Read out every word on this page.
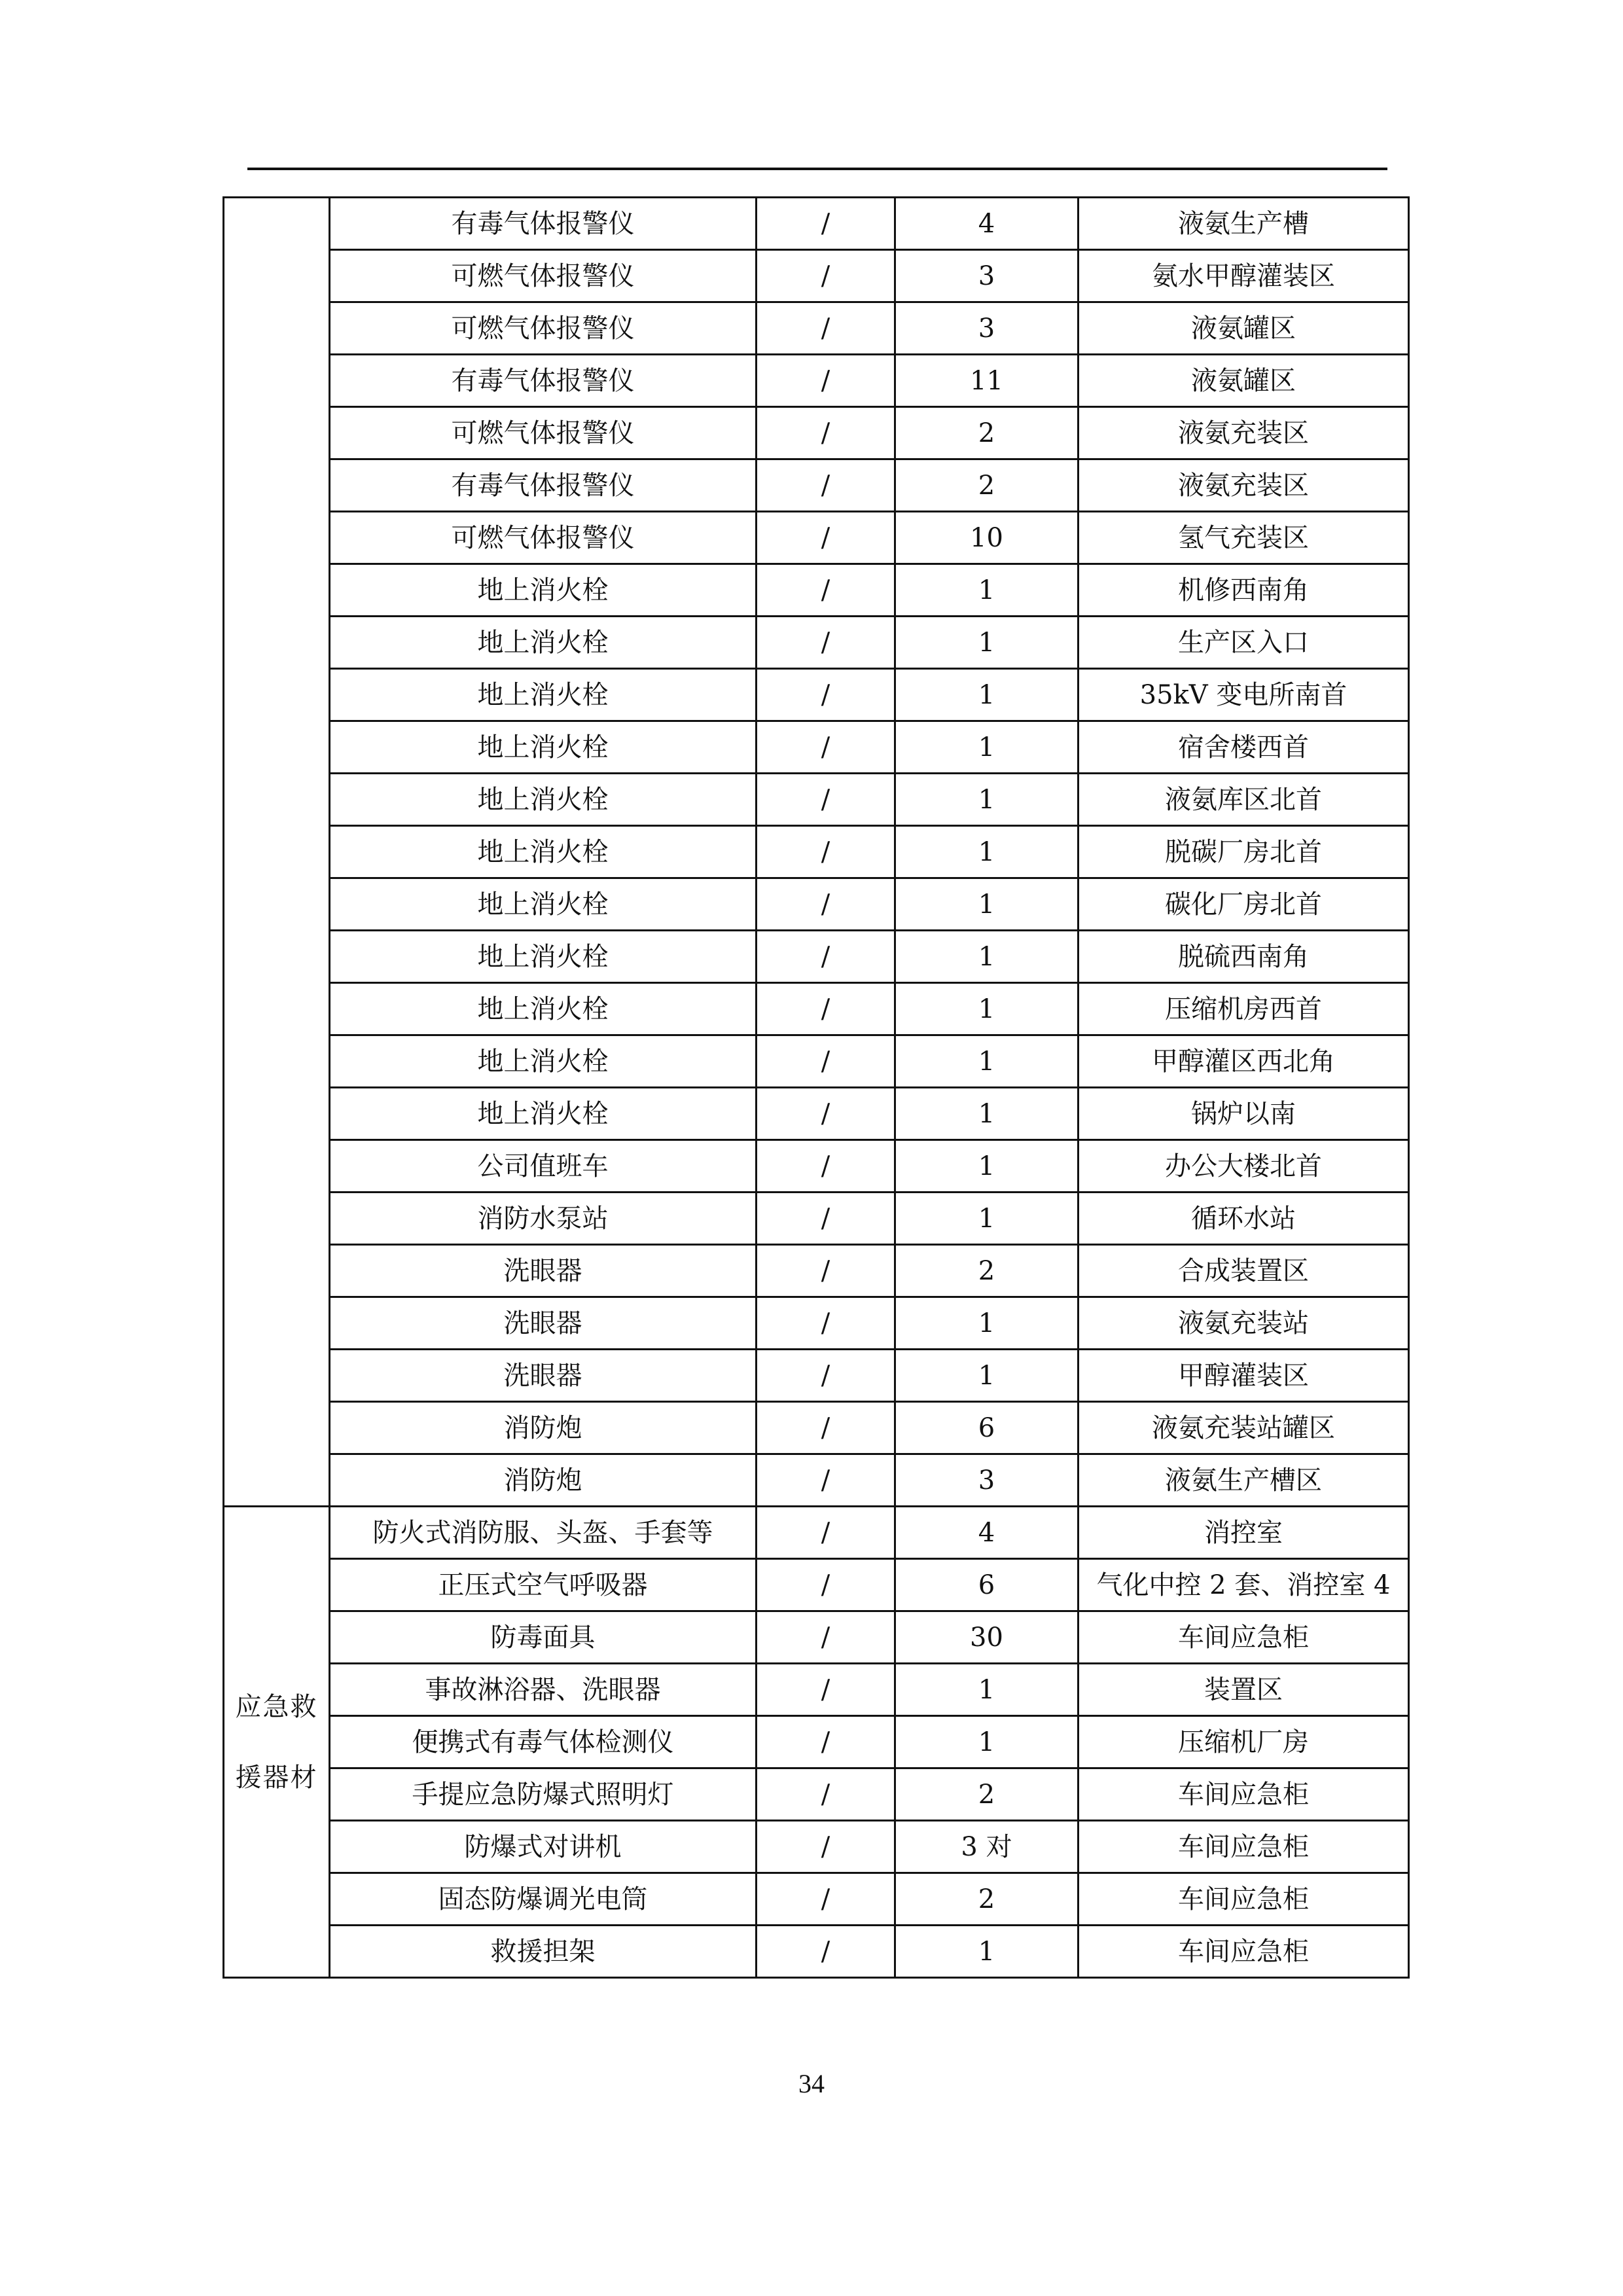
	有毒气体报警仪	/	4	液氨生产槽
	可燃气体报警仪	/	3	氨水甲醇灌装区
	可燃气体报警仪	/	3	液氨罐区
	有毒气体报警仪	/	11	液氨罐区
	可燃气体报警仪	/	2	液氨充装区
	有毒气体报警仪	/	2	液氨充装区
	可燃气体报警仪	/	10	氢气充装区
	地上消火栓	/	1	机修西南角
	地上消火栓	/	1	生产区入口
	地上消火栓	/	1	35kV 变电所南首
	地上消火栓	/	1	宿舍楼西首
	地上消火栓	/	1	液氨库区北首
	地上消火栓	/	1	脱碳厂房北首
	地上消火栓	/	1	碳化厂房北首
	地上消火栓	/	1	脱硫西南角
	地上消火栓	/	1	压缩机房西首
	地上消火栓	/	1	甲醇灌区西北角
	地上消火栓	/	1	锅炉以南
	公司值班车	/	1	办公大楼北首
	消防水泵站	/	1	循环水站
	洗眼器	/	2	合成装置区
	洗眼器	/	1	液氨充装站
	洗眼器	/	1	甲醇灌装区
	消防炮	/	6	液氨充装站罐区
	消防炮	/	3	液氨生产槽区
应急救援器材	防火式消防服、头盔、手套等	/	4	消控室
	正压式空气呼吸器	/	6	气化中控 2 套、消控室 4
	防毒面具	/	30	车间应急柜
	事故淋浴器、洗眼器	/	1	装置区
	便携式有毒气体检测仪	/	1	压缩机厂房
	手提应急防爆式照明灯	/	2	车间应急柜
	防爆式对讲机	/	3 对	车间应急柜
	固态防爆调光电筒	/	2	车间应急柜
	救援担架	/	1	车间应急柜
34
